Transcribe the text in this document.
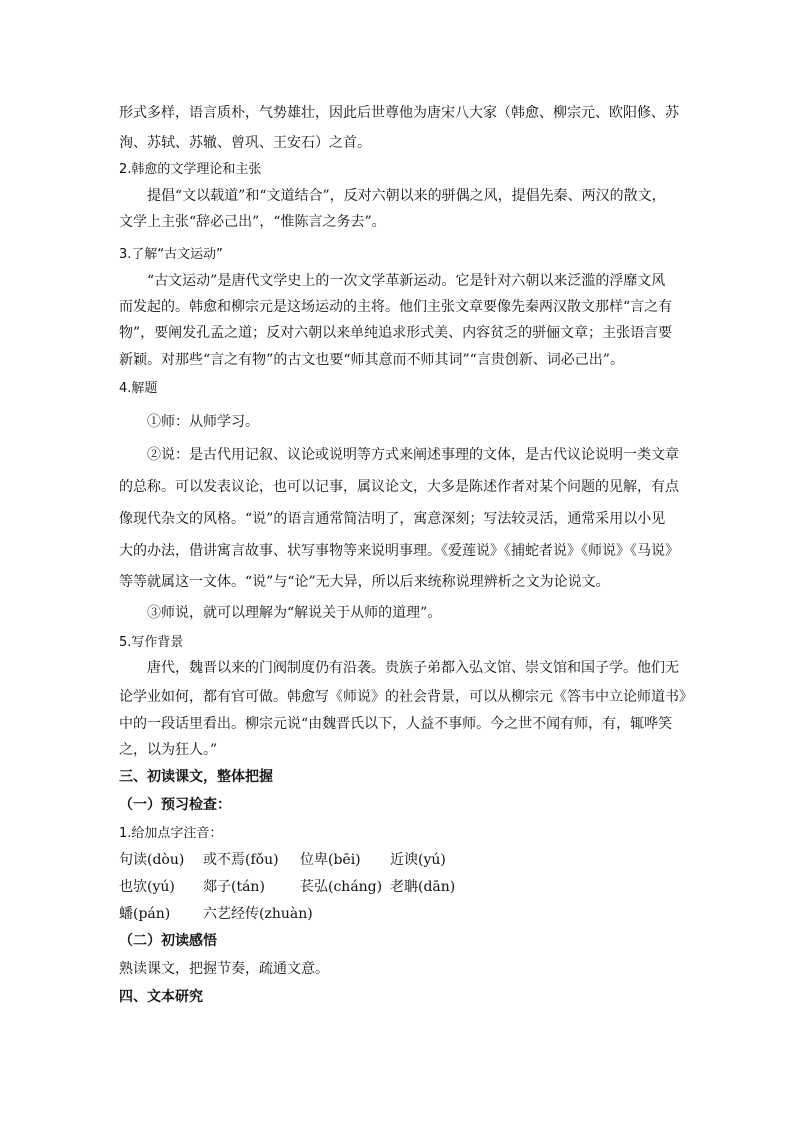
形式多样，语言质朴，气势雄壮，因此后世尊他为唐宋八大家（韩愈、柳宗元、欧阳修、苏
洵、苏轼、苏辙、曾巩、王安石）之首。
2.韩愈的文学理论和主张
提倡“文以载道”和“文道结合”，反对六朝以来的骈偶之风，提倡先秦、两汉的散文，
文学上主张“辞必己出”，“惟陈言之务去”。
3.了解“古文运动”
“古文运动”是唐代文学史上的一次文学革新运动。它是针对六朝以来泛滥的浮靡文风
而发起的。韩愈和柳宗元是这场运动的主将。他们主张文章要像先秦两汉散文那样“言之有
物”，要阐发孔孟之道；反对六朝以来单纯追求形式美、内容贫乏的骈俪文章；主张语言要
新颖。对那些“言之有物”的古文也要“师其意而不师其词”“言贵创新、词必己出”。
4.解题
①师：从师学习。
②说：是古代用记叙、议论或说明等方式来阐述事理的文体，是古代议论说明一类文章
的总称。可以发表议论，也可以记事，属议论文，大多是陈述作者对某个问题的见解，有点
像现代杂文的风格。“说”的语言通常简洁明了，寓意深刻；写法较灵活，通常采用以小见
大的办法，借讲寓言故事、状写事物等来说明事理。《爱莲说》《捕蛇者说》《师说》《马说》
等等就属这一文体。“说”与“论”无大异，所以后来统称说理辨析之文为论说文。
③师说，就可以理解为“解说关于从师的道理”。
5.写作背景
唐代，魏晋以来的门阀制度仍有沿袭。贵族子弟都入弘文馆、崇文馆和国子学。他们无
论学业如何，都有官可做。韩愈写《师说》的社会背景，可以从柳宗元《答韦中立论师道书》
中的一段话里看出。柳宗元说“由魏晋氏以下，人益不事师。今之世不闻有师，有，辄哗笑
之，以为狂人。”
三、初读课文，整体把握
（一）预习检查：
1.给加点字注音：
句读(dòu) 或不焉(fǒu) 位卑(bēi) 近谀(yú)
也欤(yú) 郯子(tán)	苌弘(cháng) 老聃(dān)
蟠(pán) 六艺经传(zhuàn)
（二）初读感悟
熟读课文，把握节奏，疏通文意。
四、文本研究
